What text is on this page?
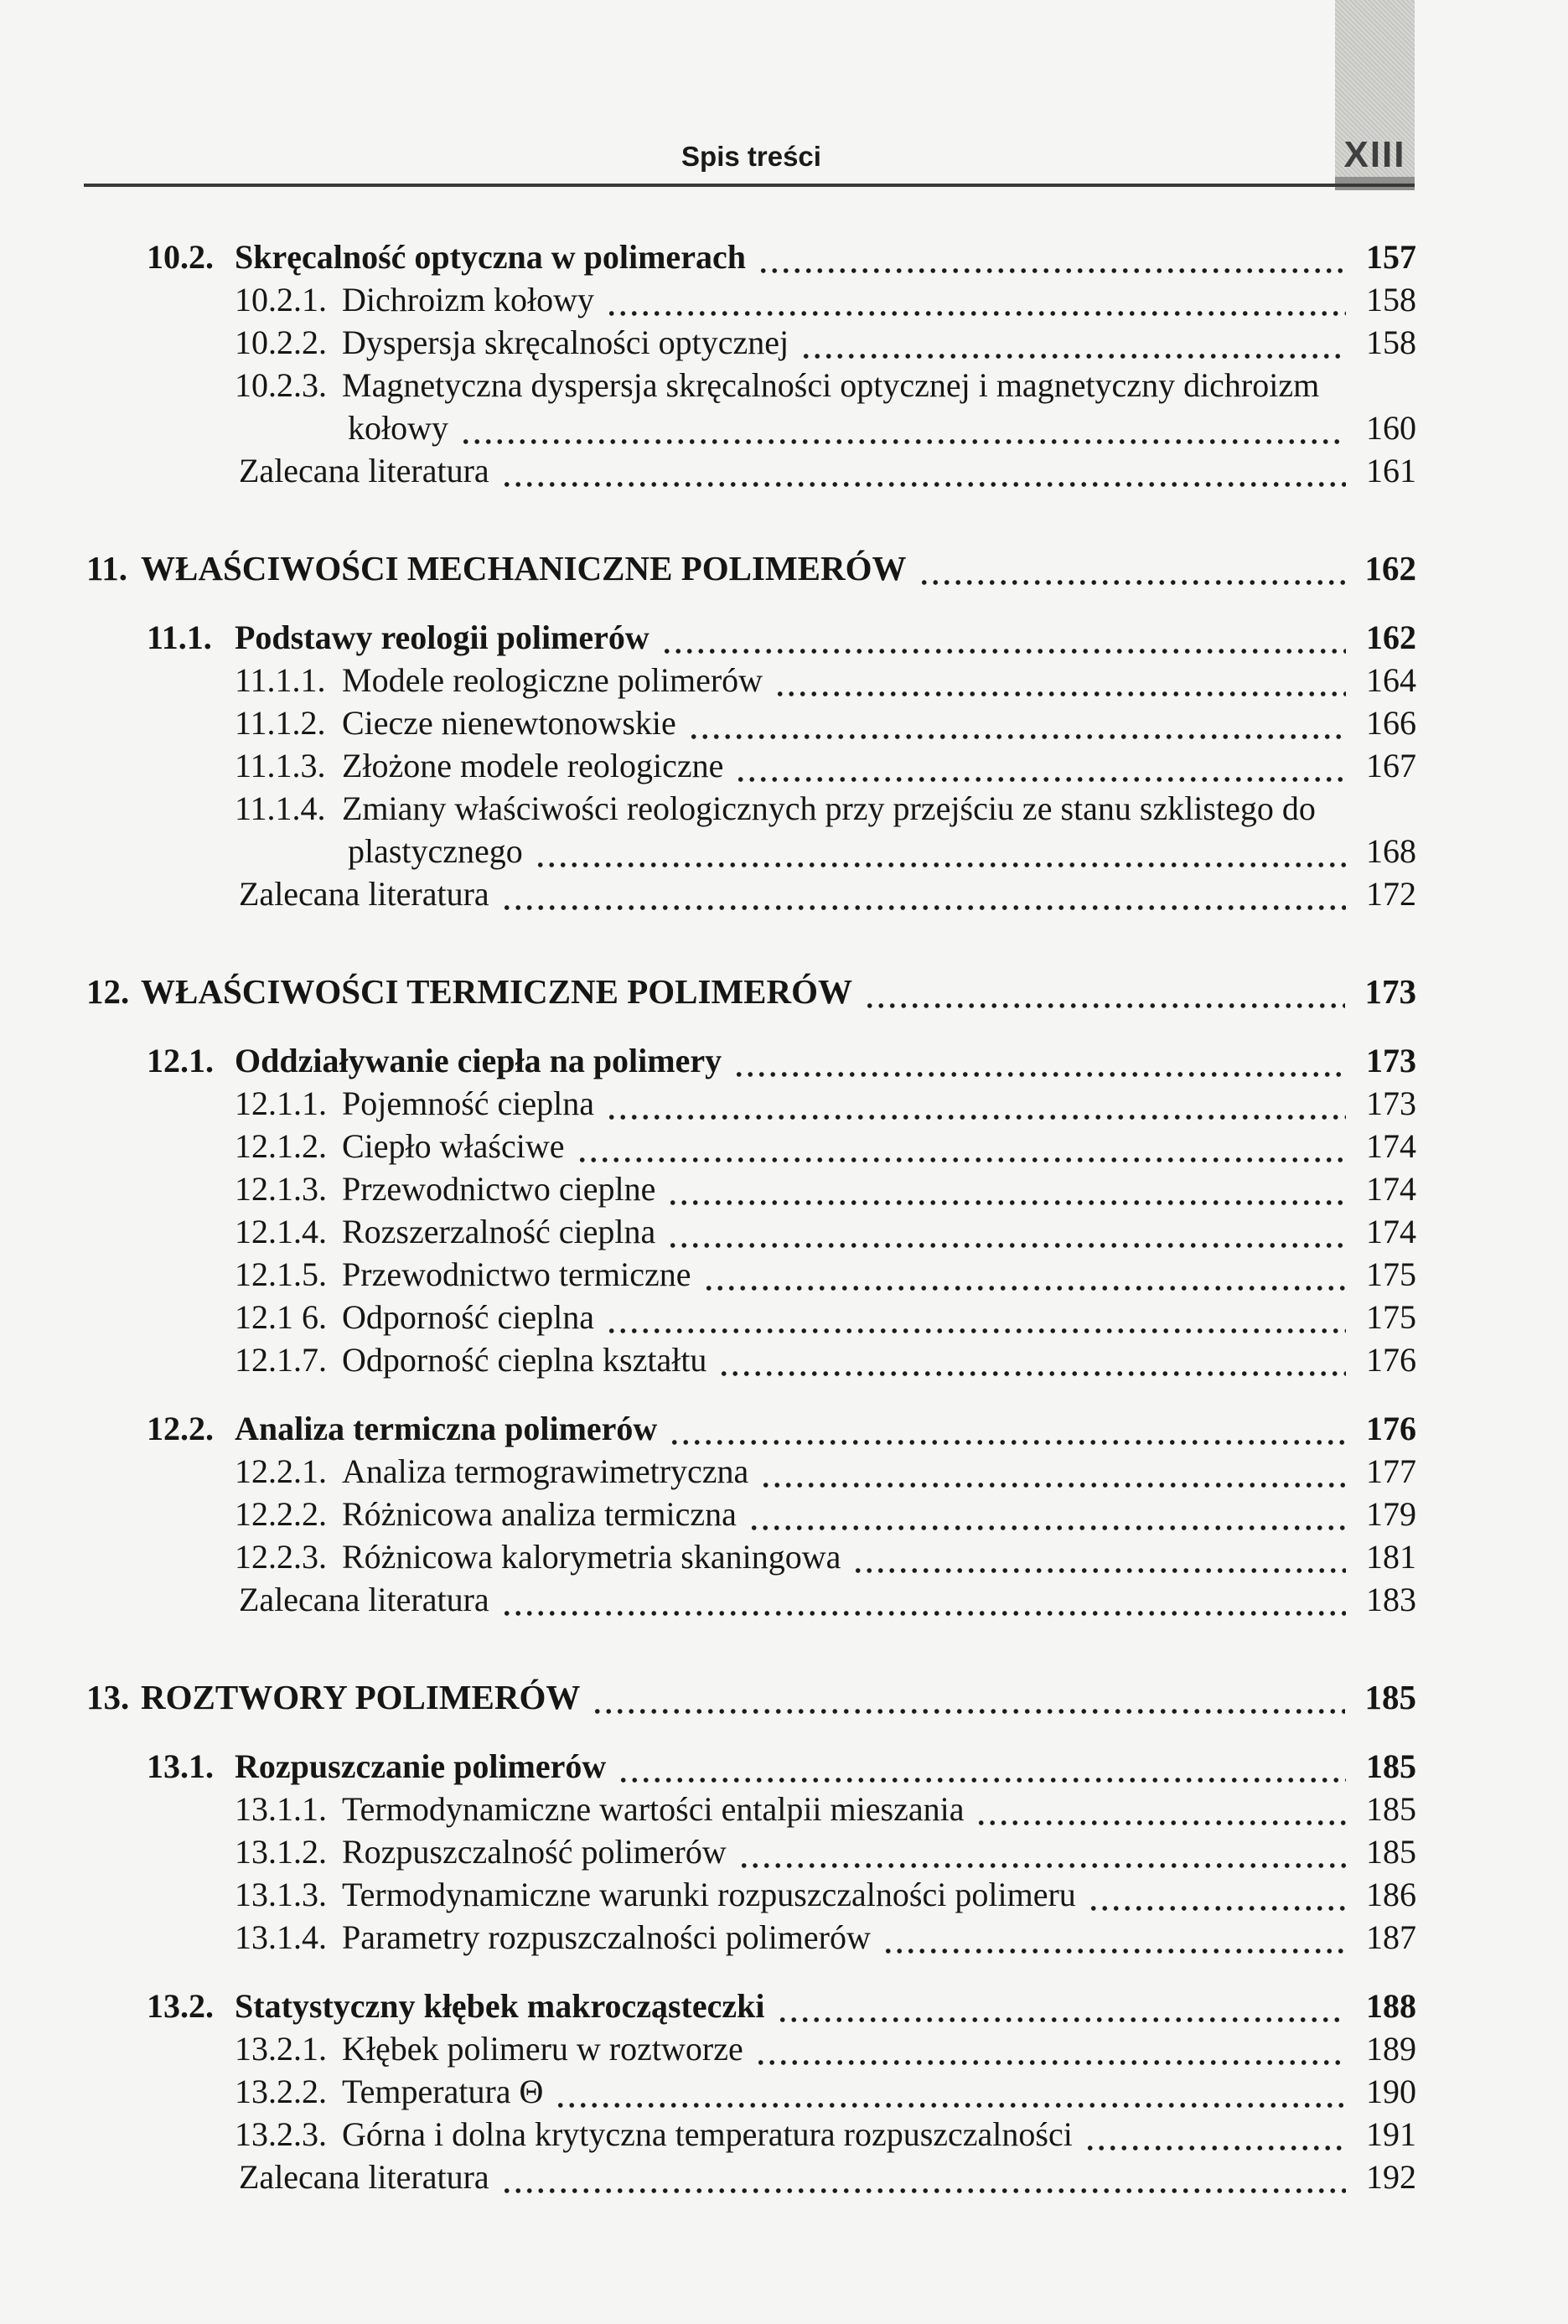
XIII
Spis treści
10.2. Skręcalność optyczna w polimerach	157
10.2.1. Dichroizm kołowy	158
10.2.2. Dyspersja skręcalności optycznej	158
10.2.3. Magnetyczna dyspersja skręcalności optycznej i magnetyczny dichroizm
kołowy	160
Zalecana literatura	161
11. WŁAŚCIWOŚCI MECHANICZNE POLIMERÓW	162
11.1. Podstawy reologii polimerów	162
11.1.1. Modele reologiczne polimerów	164
11.1.2. Ciecze nienewtonowskie	166
11.1.3. Złożone modele reologiczne	167
11.1.4. Zmiany właściwości reologicznych przy przejściu ze stanu szklistego do
plastycznego	168
Zalecana literatura	172
12. WŁAŚCIWOŚCI TERMICZNE POLIMERÓW	173
12.1. Oddziaływanie ciepła na polimery	173
12.1.1. Pojemność cieplna	173
12.1.2. Ciepło właściwe	174
12.1.3. Przewodnictwo cieplne	174
12.1.4. Rozszerzalność cieplna	174
12.1.5. Przewodnictwo termiczne	175
12.1 6. Odporność cieplna	175
12.1.7. Odporność cieplna kształtu	176
12.2. Analiza termiczna polimerów	176
12.2.1. Analiza termograwimetryczna	177
12.2.2. Różnicowa analiza termiczna	179
12.2.3. Różnicowa kalorymetria skaningowa	181
Zalecana literatura	183
13. ROZTWORY POLIMERÓW	185
13.1. Rozpuszczanie polimerów	185
13.1.1. Termodynamiczne wartości entalpii mieszania	185
13.1.2. Rozpuszczalność polimerów	185
13.1.3. Termodynamiczne warunki rozpuszczalności polimeru	186
13.1.4. Parametry rozpuszczalności polimerów	187
13.2. Statystyczny kłębek makrocząsteczki	188
13.2.1. Kłębek polimeru w roztworze	189
13.2.2. Temperatura Θ	190
13.2.3. Górna i dolna krytyczna temperatura rozpuszczalności	191
Zalecana literatura	192
